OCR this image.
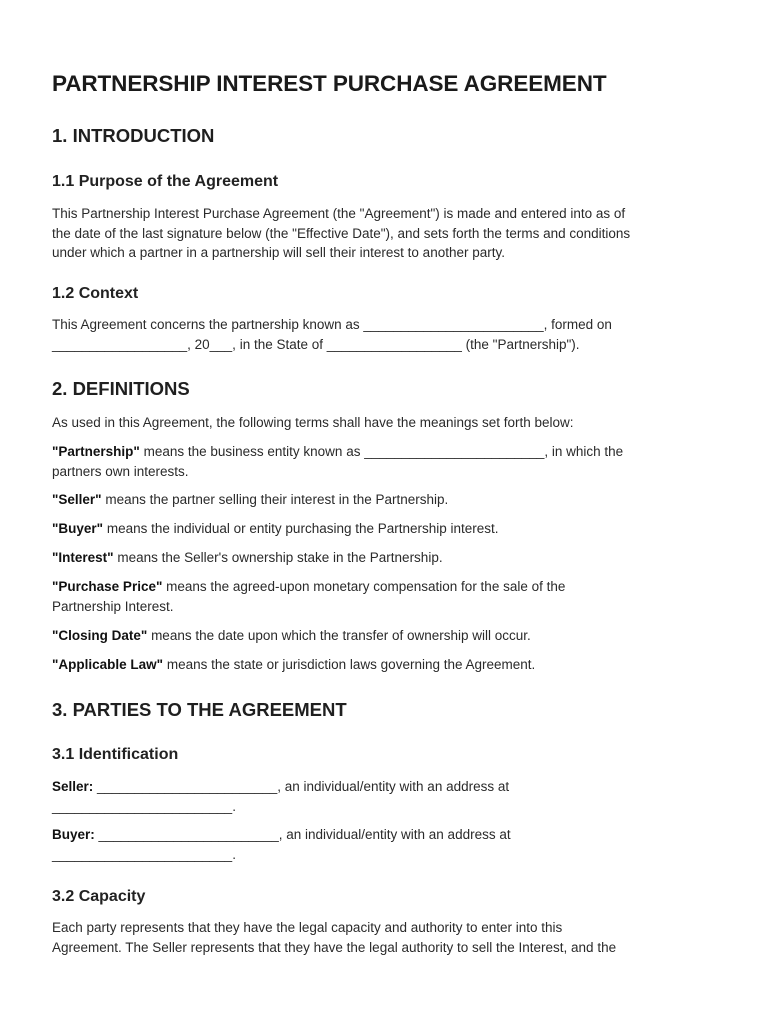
PARTNERSHIP INTEREST PURCHASE AGREEMENT
1. INTRODUCTION
1.1 Purpose of the Agreement

This Partnership Interest Purchase Agreement (the "Agreement") is made and entered into as of
the date of the last signature below (the "Effective Date"), and sets forth the terms and conditions
under which a partner in a partnership will sell their interest to another party.

1.2 Context

This Agreement concerns the partnership known as ________________________, formed on
__________________, 20___, in the State of __________________ (the "Partnership").

2. DEFINITIONS

As used in this Agreement, the following terms shall have the meanings set forth below:

"Partnership" means the business entity known as ________________________, in which the
partners own interests.

"Seller" means the partner selling their interest in the Partnership.

"Buyer" means the individual or entity purchasing the Partnership interest.

"Interest" means the Seller's ownership stake in the Partnership.

"Purchase Price" means the agreed-upon monetary compensation for the sale of the
Partnership Interest.

"Closing Date" means the date upon which the transfer of ownership will occur.

"Applicable Law" means the state or jurisdiction laws governing the Agreement.

3. PARTIES TO THE AGREEMENT
3.1 Identification

Seller: ________________________, an individual/entity with an address at
________________________.

Buyer: ________________________, an individual/entity with an address at
________________________.

3.2 Capacity

Each party represents that they have the legal capacity and authority to enter into this
Agreement. The Seller represents that they have the legal authority to sell the Interest, and the
